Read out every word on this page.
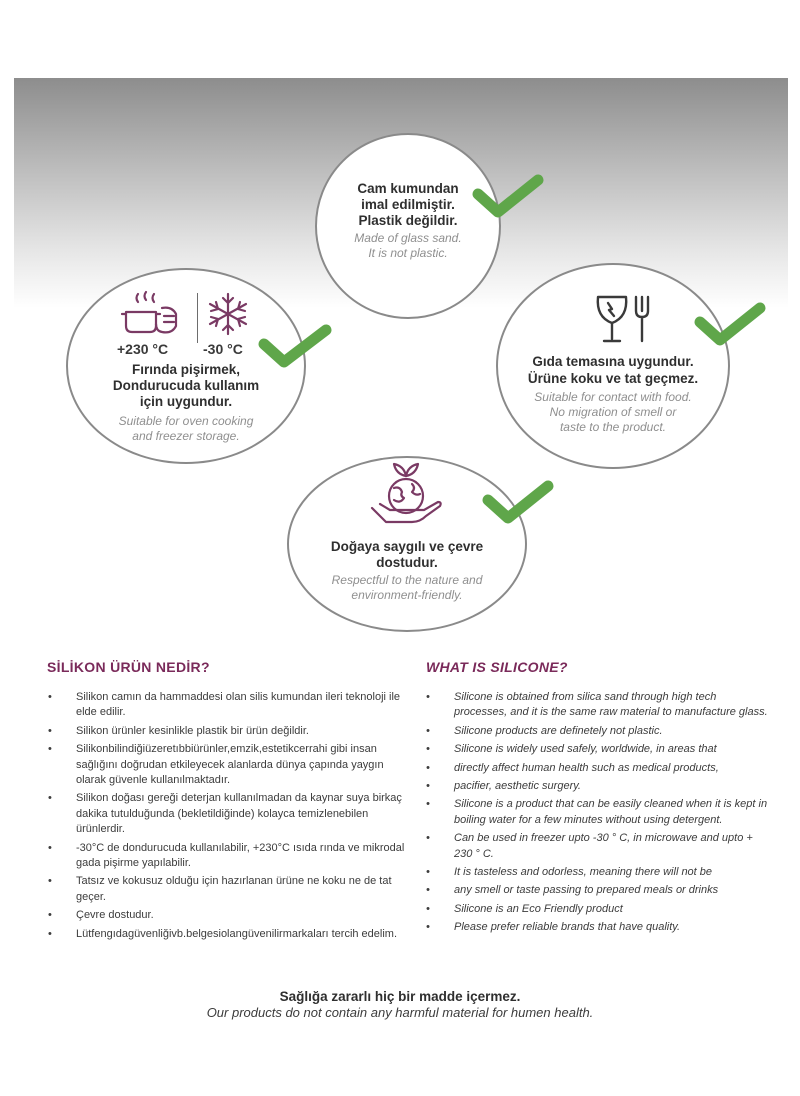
Cam kumundan
imal edilmiştir.
Plastik değildir.
Made of glass sand.
It is not plastic.
Fırında pişirmek,
Dondurucuda kullanım
için uygundur.
Suitable for oven cooking
and freezer storage.
+230 °C -30 °C
Gıda temasına uygundur.
Ürüne koku ve tat geçmez.
Suitable for contact with food.
No migration of smell or
taste to the product.
Doğaya saygılı ve çevre
dostudur.
Respectful to the nature and
environment-friendly.
SİLİKON ÜRÜN NEDİR?
• Silikon camın da hammaddesi olan silis kumundan ileri teknoloji ile elde edilir.
• Silikon ürünler kesinlikle plastik bir ürün değildir.
• Silikonbilindiğiüzeretıbbiürünler,emzik,estetikcerrahi gibi insan sağlığını doğrudan etkileyecek alanlarda dünya çapında yaygın olarak güvenle kullanılmaktadır.
• Silikon doğası gereği deterjan kullanılmadan da kaynar suya birkaç dakika tutulduğunda (bekletildiğinde) kolayca temizlenebilen ürünlerdir.
• -30°C de dondurucuda kullanılabilir, +230°C ısıda rında ve mikrodal gada pişirme yapılabilir.
• Tatsız ve kokusuz olduğu için hazırlanan ürüne ne koku ne de tat geçer.
• Çevre dostudur.
• Lütfengıdagüvenliğivb.belgesiolangüvenilirmarkaları tercih edelim.
WHAT IS SILICONE?
• Silicone is obtained from silica sand through high tech processes, and it is the same raw material to manufacture glass.
• Silicone products are definetely not plastic.
• Silicone is widely used safely, worldwide, in areas that
• directly affect human health such as medical products,
• pacifier, aesthetic surgery.
• Silicone is a product that can be easily cleaned when it is kept in boiling water for a few minutes without using detergent.
• Can be used in freezer upto -30 ° C, in microwave and upto + 230 ° C.
• It is tasteless and odorless, meaning there will not be
• any smell or taste passing to prepared meals or drinks
• Silicone is an Eco Friendly product
• Please prefer reliable brands that have quality.
Sağlığa zararlı hiç bir madde içermez.
Our products do not contain any harmful material for humen health.
